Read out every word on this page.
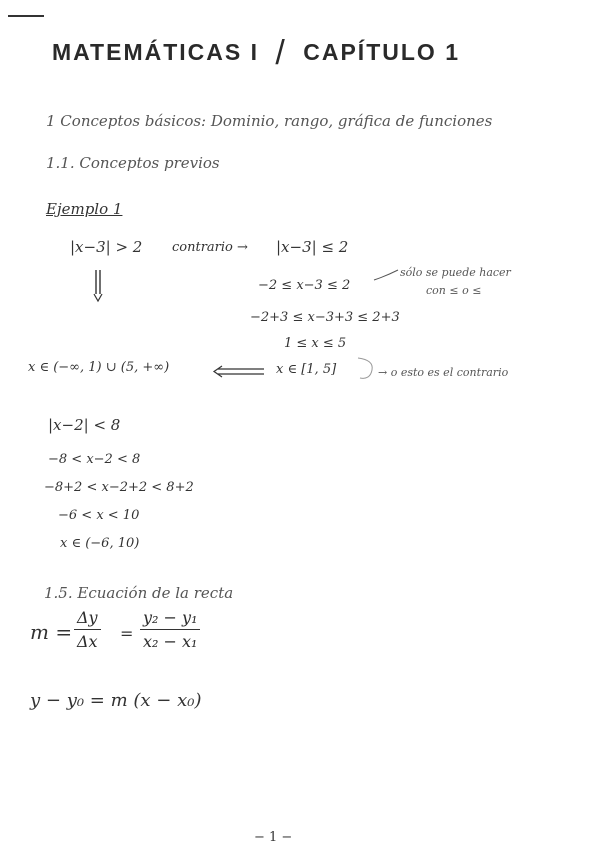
MATEMÁTICAS I / CAPÍTULO 1
1 Conceptos básicos: Dominio, rango, gráfica de funciones
1.1. Conceptos previos
Ejemplo 1
|x−3| > 2 contrario → |x−3| ≤ 2
−2 ≤ x−3 ≤ 2
sólo se puede hacer
con ≤ o ≤
−2+3 ≤ x−3+3 ≤ 2+3
1 ≤ x ≤ 5
x ∈ (−∞, 1) ∪ (5, +∞)	x ∈ [1, 5]	→ o esto es el contrario
|x−2| < 8
−8 < x−2 < 8
−8+2 < x−2+2 < 8+2
−6 < x < 10
x ∈ (−6, 10)
1.5. Ecuación de la recta
$m = \frac{\Delta y}{\Delta x} = \frac{\text{y₂ − y₁}}{\text{x₂ − x₁}}$
y − y₀ = m (x − x₀)
− 1 −
